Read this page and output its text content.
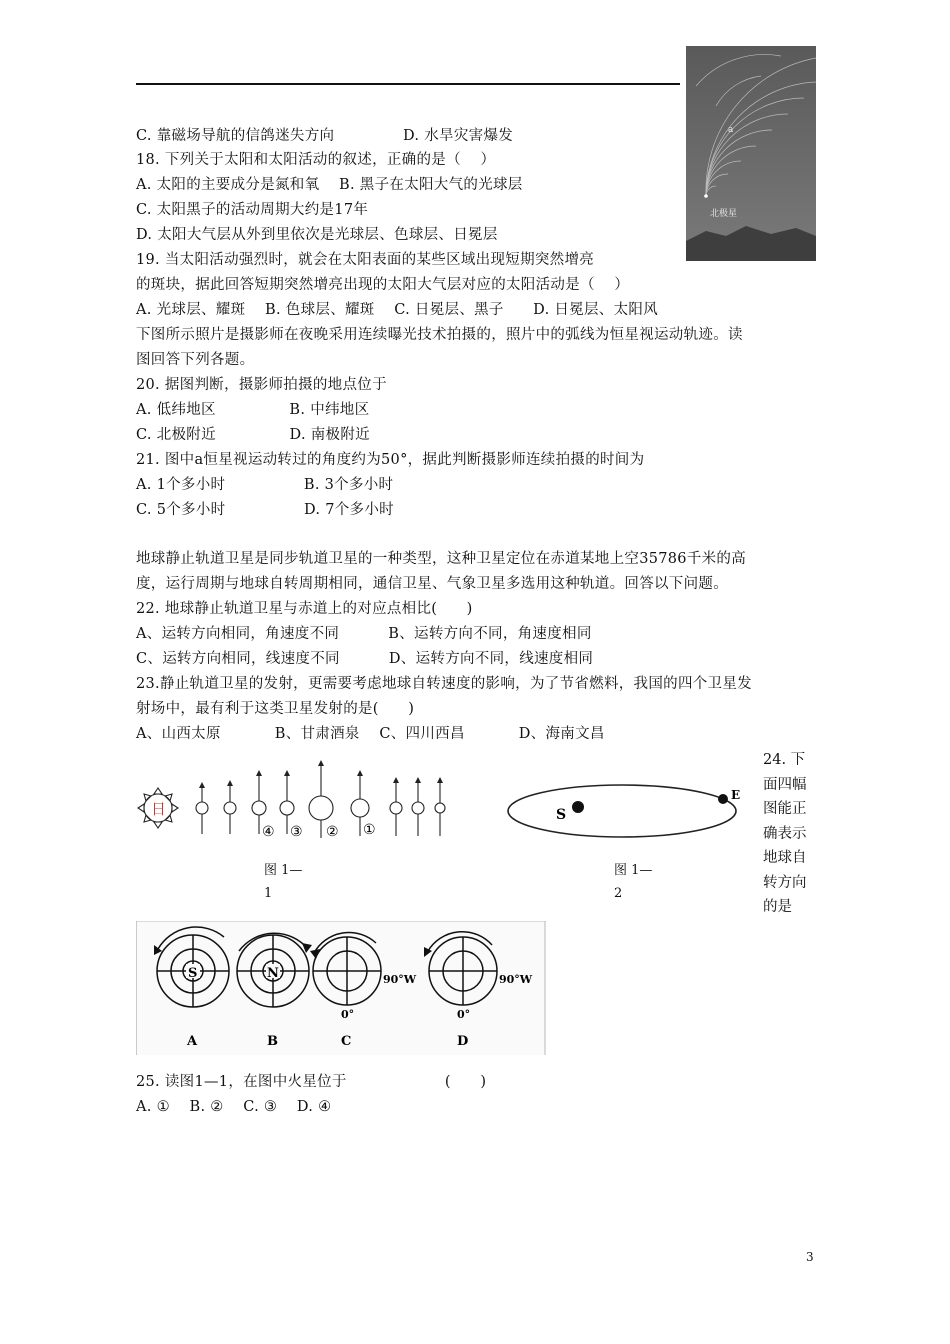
a
北极星
C. 靠磁场导航的信鸽迷失方向              D. 水旱灾害爆发
18. 下列关于太阳和太阳活动的叙述，正确的是（    ）
A. 太阳的主要成分是氮和氧    B. 黑子在太阳大气的光球层
C. 太阳黑子的活动周期大约是17年
D. 太阳大气层从外到里依次是光球层、色球层、日冕层
19. 当太阳活动强烈时，就会在太阳表面的某些区域出现短期突然增亮
的斑块，据此回答短期突然增亮出现的太阳大气层对应的太阳活动是（    ）
A. 光球层、耀斑    B. 色球层、耀斑    C. 日冕层、黑子      D. 日冕层、太阳风
下图所示照片是摄影师在夜晚采用连续曝光技术拍摄的，照片中的弧线为恒星视运动轨迹。读
图回答下列各题。
20. 据图判断，摄影师拍摄的地点位于
A. 低纬地区               B. 中纬地区
C. 北极附近               D. 南极附近
21. 图中a恒星视运动转过的角度约为50°，据此判断摄影师连续拍摄的时间为
A. 1个多小时                B. 3个多小时
C. 5个多小时                D. 7个多小时
地球静止轨道卫星是同步轨道卫星的一种类型，这种卫星定位在赤道某地上空35786千米的高
度，运行周期与地球自转周期相同，通信卫星、气象卫星多选用这种轨道。回答以下问题。
22. 地球静止轨道卫星与赤道上的对应点相比(      )
A、运转方向相同，角速度不同          B、运转方向不同，角速度相同
C、运转方向相同，线速度不同          D、运转方向不同，线速度相同
23.静止轨道卫星的发射，更需要考虑地球自转速度的影响，为了节省燃料，我国的四个卫星发
射场中，最有利于这类卫星发射的是(      )
A、山西太原           B、甘肃酒泉    C、四川西昌           D、海南文昌
24. 下
面四幅
图能正
确表示
地球自
转方向
的是
日
④ ③ ② ①
图 1—
1
S
E
图 1—
2
S	N	90°W	90°W
0°	0°
A	B	C	D
25. 读图1—1，在图中火星位于                    (      )
A. ①    B. ②    C. ③    D. ④
3
